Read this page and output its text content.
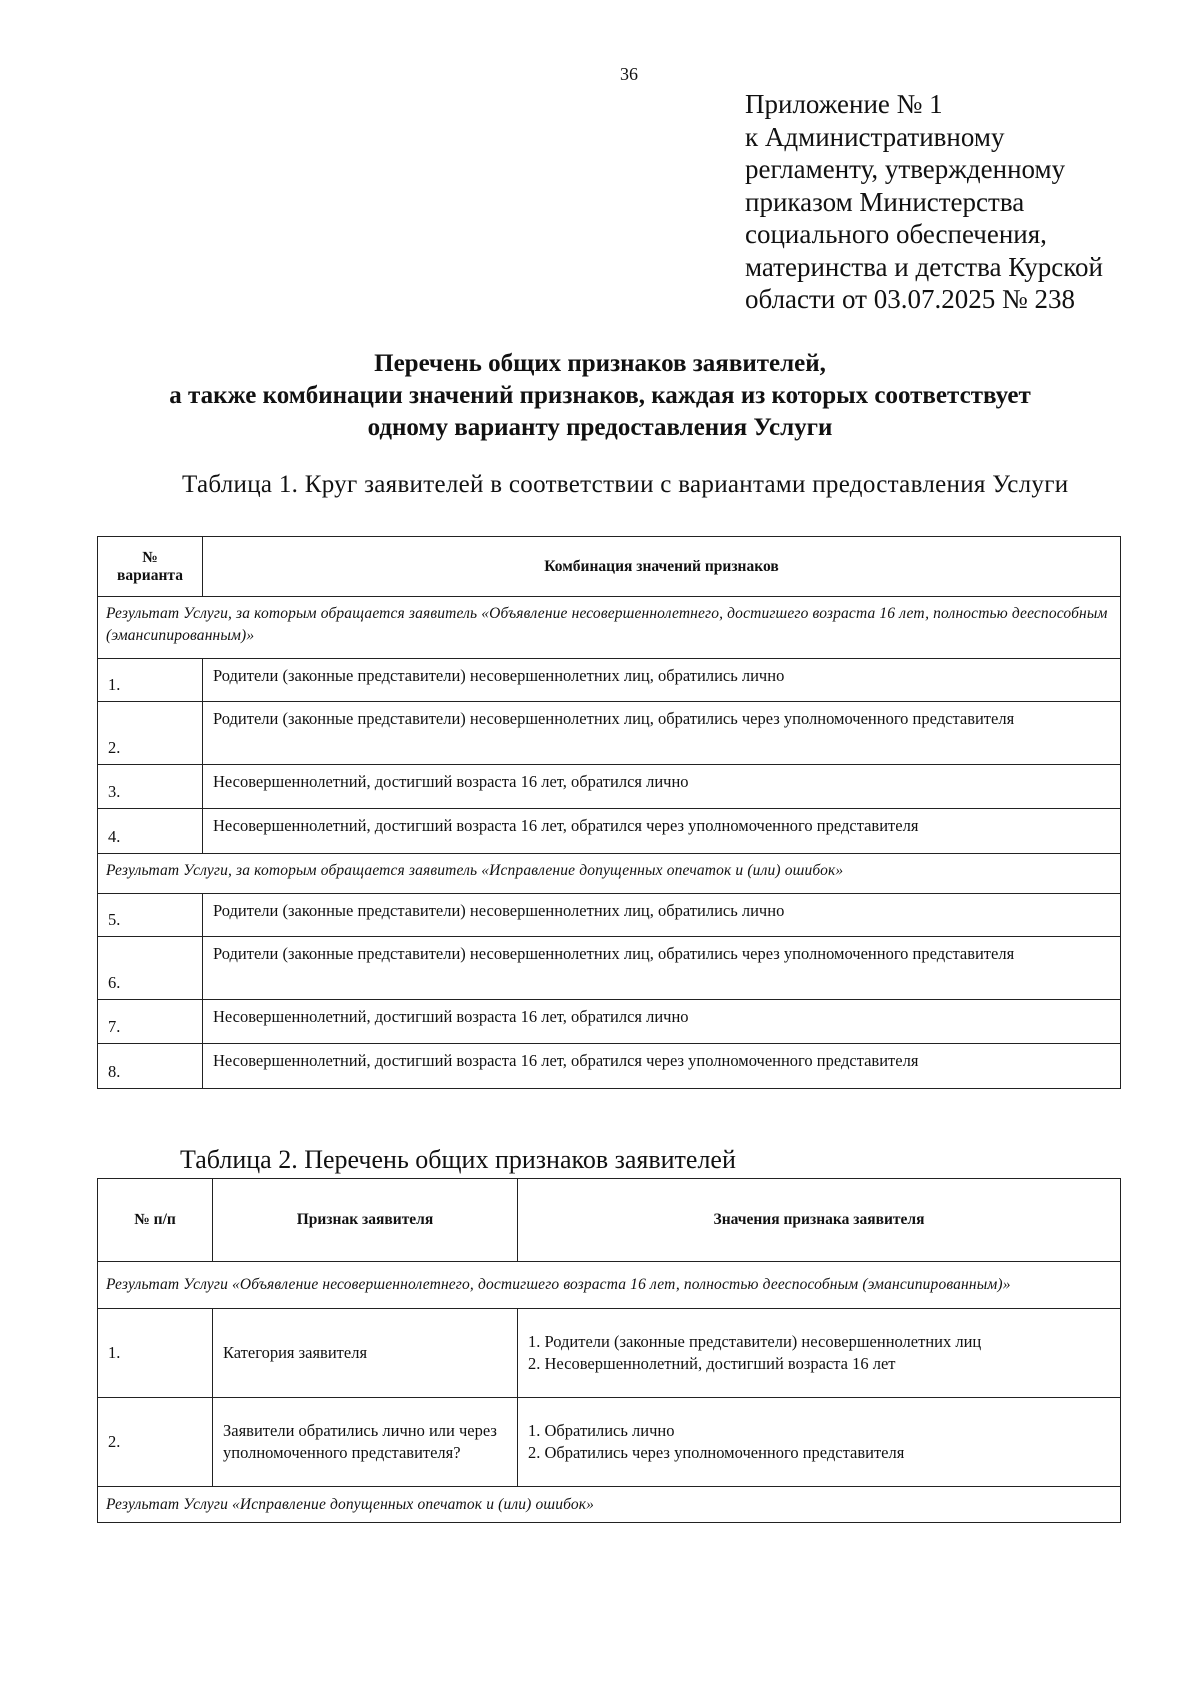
36
Приложение № 1
к Административному
регламенту, утвержденному
приказом Министерства
социального обеспечения,
материнства и детства Курской
области от 03.07.2025 № 238
Перечень общих признаков заявителей,
а также комбинации значений признаков, каждая из которых соответствует
одному варианту предоставления Услуги
Таблица 1. Круг заявителей в соответствии с вариантами предоставления Услуги
№
варианта	Комбинация значений признаков
Результат Услуги, за которым обращается заявитель «Объявление несовершеннолетнего, достигшего возраста 16 лет, полностью дееспособным (эмансипированным)»	
1.	Родители (законные представители) несовершеннолетних лиц, обратились лично
2.	Родители (законные представители) несовершеннолетних лиц, обратились через уполномоченного представителя
3.	Несовершеннолетний, достигший возраста 16 лет, обратился лично
4.	Несовершеннолетний, достигший возраста 16 лет, обратился через уполномоченного представителя
Результат Услуги, за которым обращается заявитель «Исправление допущенных опечаток и (или) ошибок»	
5.	Родители (законные представители) несовершеннолетних лиц, обратились лично
6.	Родители (законные представители) несовершеннолетних лиц, обратились через уполномоченного представителя
7.	Несовершеннолетний, достигший возраста 16 лет, обратился лично
8.	Несовершеннолетний, достигший возраста 16 лет, обратился через уполномоченного представителя
Таблица 2. Перечень общих признаков заявителей
№ п/п	Признак заявителя	Значения признака заявителя
Результат Услуги «Объявление несовершеннолетнего, достигшего возраста 16 лет, полностью дееспособным (эмансипированным)»		
1.	Категория заявителя	1. Родители (законные представители) несовершеннолетних лиц
2. Несовершеннолетний, достигший возраста 16 лет

2.	Заявители обратились лично или через уполномоченного представителя?	1. Обратились лично
2. Обратились через уполномоченного представителя

Результат Услуги «Исправление допущенных опечаток и (или) ошибок»		
